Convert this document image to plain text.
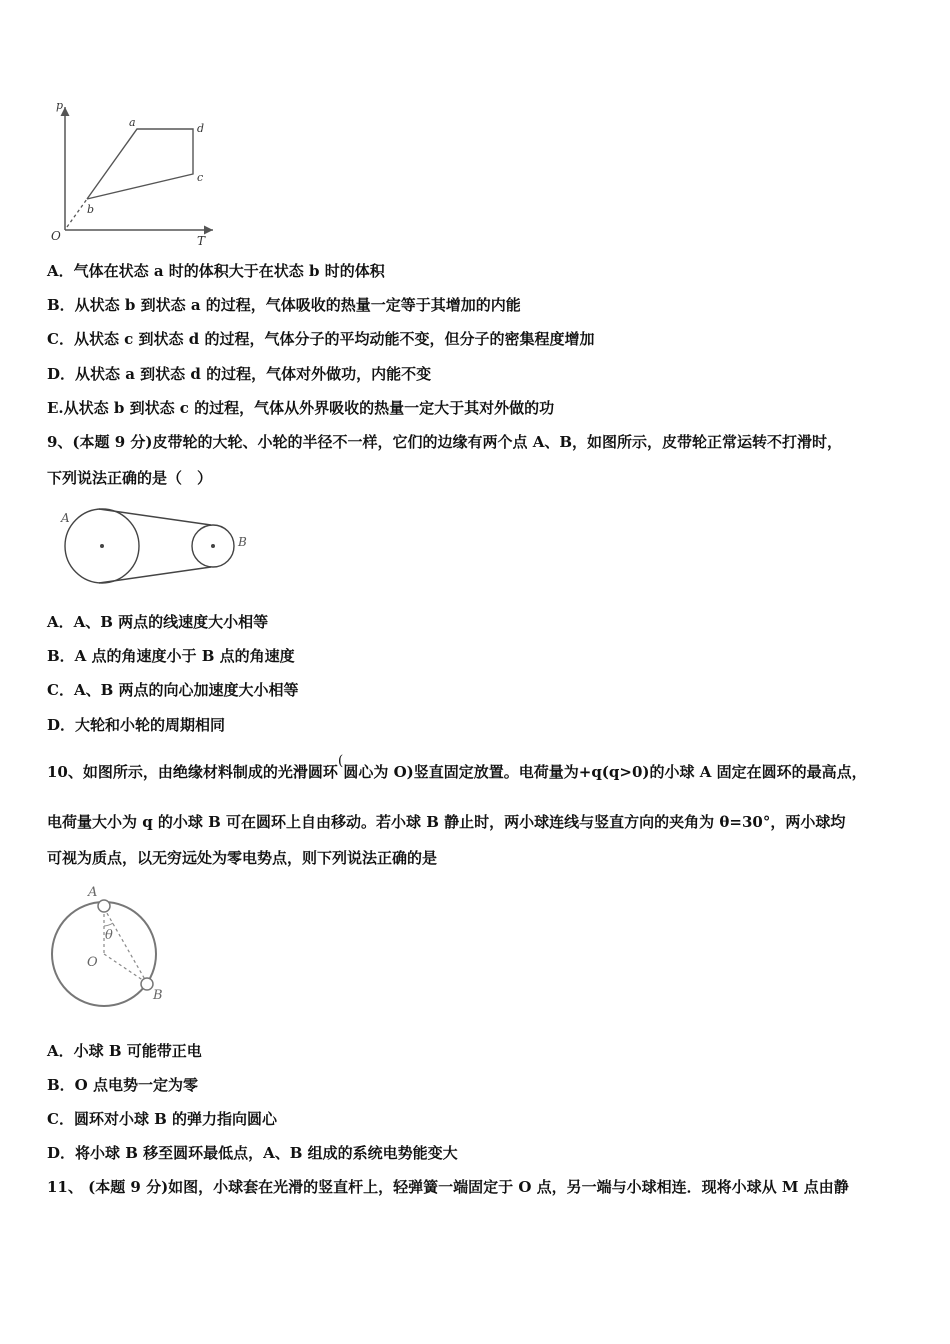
p
T
O
a
b
c
d
A．气体在状态 a 时的体积大于在状态 b 时的体积
B．从状态 b 到状态 a 的过程，气体吸收的热量一定等于其增加的内能
C．从状态 c 到状态 d 的过程，气体分子的平均动能不变，但分子的密集程度增加
D．从状态 a 到状态 d 的过程，气体对外做功，内能不变
E.从状态 b 到状态 c 的过程，气体从外界吸收的热量一定大于其对外做的功
9、(本题 9 分)皮带轮的大轮、小轮的半径不一样，它们的边缘有两个点 A、B，如图所示，皮带轮正常运转不打滑时，
下列说法正确的是（　）
A
B
A．A、B 两点的线速度大小相等
B．A 点的角速度小于 B 点的角速度
C．A、B 两点的向心加速度大小相等
D．大轮和小轮的周期相同
10、如图所示，由绝缘材料制成的光滑圆环(圆心为 O)竖直固定放置。电荷量为+q(q>0)的小球 A 固定在圆环的最高点，
电荷量大小为 q 的小球 B 可在圆环上自由移动。若小球 B 静止时，两小球连线与竖直方向的夹角为 θ=30°，两小球均
可视为质点，以无穷远处为零电势点，则下列说法正确的是
A
B
O
θ
A．小球 B 可能带正电
B．O 点电势一定为零
C．圆环对小球 B 的弹力指向圆心
D．将小球 B 移至圆环最低点，A、B 组成的系统电势能变大
11、 (本题 9 分)如图，小球套在光滑的竖直杆上，轻弹簧一端固定于 O 点，另一端与小球相连．现将小球从 M 点由静
